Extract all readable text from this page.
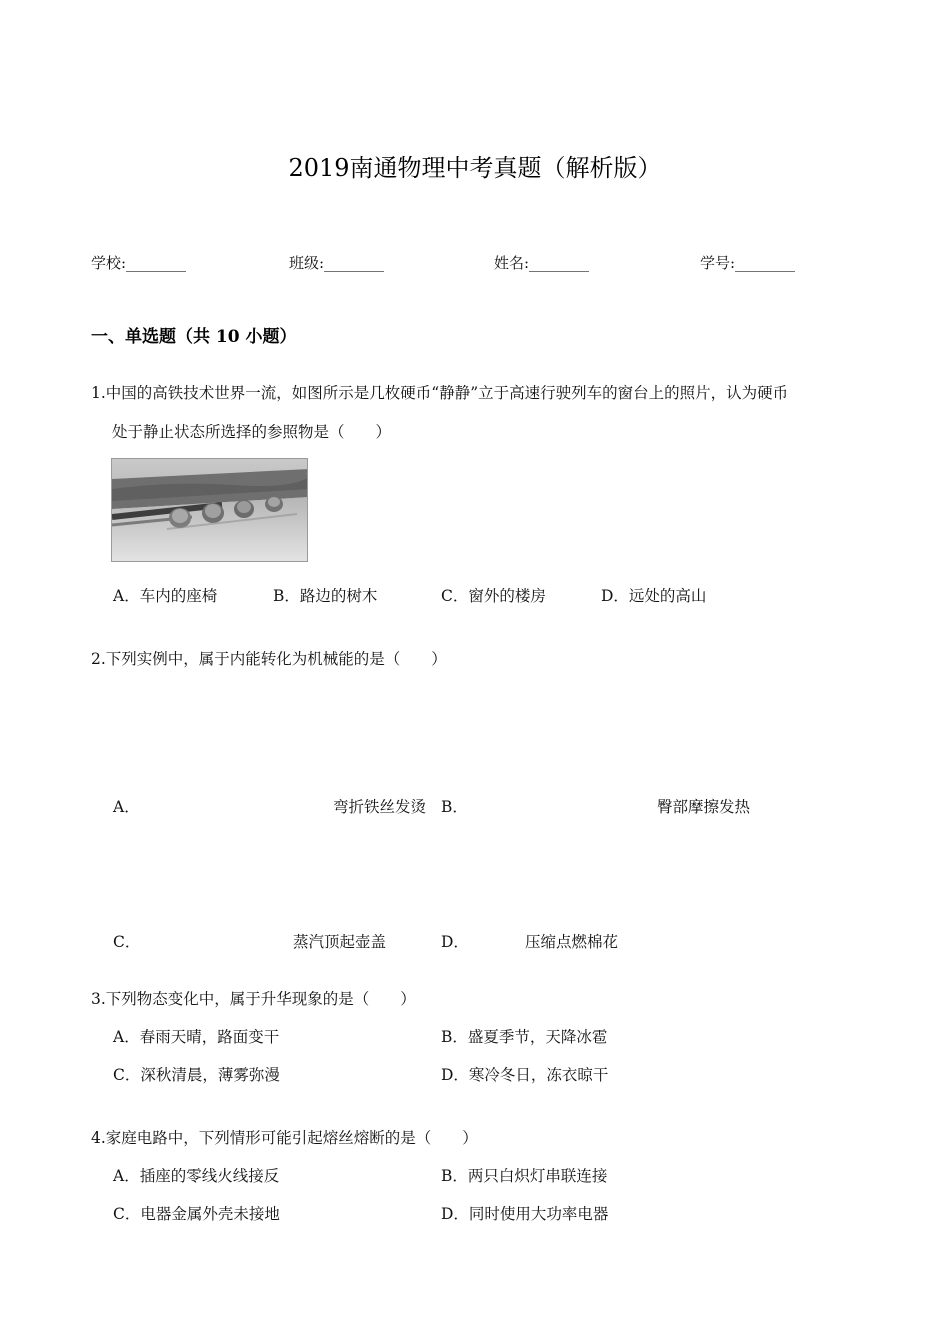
2019南通物理中考真题（解析版）
学校:________	班级:________	姓名:________	学号:________
一、单选题（共 10 小题）
1.中国的高铁技术世界一流，如图所示是几枚硬币“静静”立于高速行驶列车的窗台上的照片，认为硬币
处于静止状态所选择的参照物是（　　）
A．车内的座椅	B．路边的树木	C．窗外的楼房	D．远处的高山
2.下列实例中，属于内能转化为机械能的是（　　）
A．	弯折铁丝发烫 B．	臀部摩擦发热
C．	蒸汽顶起壶盖	D．	压缩点燃棉花
3.下列物态变化中，属于升华现象的是（　　）
A．春雨天晴，路面变干	B．盛夏季节，天降冰雹
C．深秋清晨，薄雾弥漫	D．寒冷冬日，冻衣晾干
4.家庭电路中，下列情形可能引起熔丝熔断的是（　　）
A．插座的零线火线接反	B．两只白炽灯串联连接
C．电器金属外壳未接地	D．同时使用大功率电器
